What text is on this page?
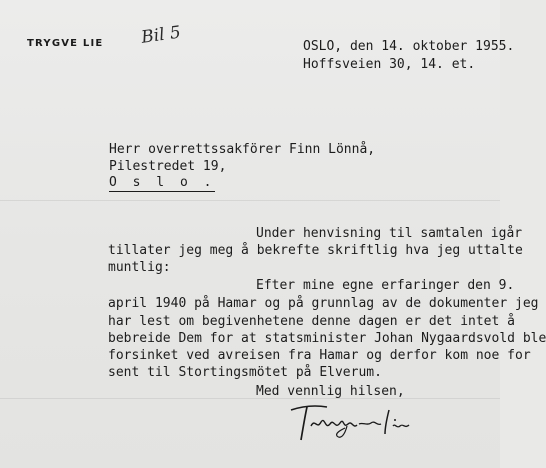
TRYGVE LIE Bil 5	OSLO, den 14. oktober 1955.
Hoffsveien 30, 14. et.
Herr overrettssakförer Finn Lönnå,
Pilestredet 19,
O s l o .
Under henvisning til samtalen igår
tillater jeg meg å bekrefte skriftlig hva jeg uttalte
muntlig:
Efter mine egne erfaringer den 9.
april 1940 på Hamar og på grunnlag av de dokumenter jeg
har lest om begivenhetene denne dagen er det intet å
bebreide Dem for at statsminister Johan Nygaardsvold ble
forsinket ved avreisen fra Hamar og derfor kom noe for
sent til Stortingsmötet på Elverum.
Med vennlig hilsen,
